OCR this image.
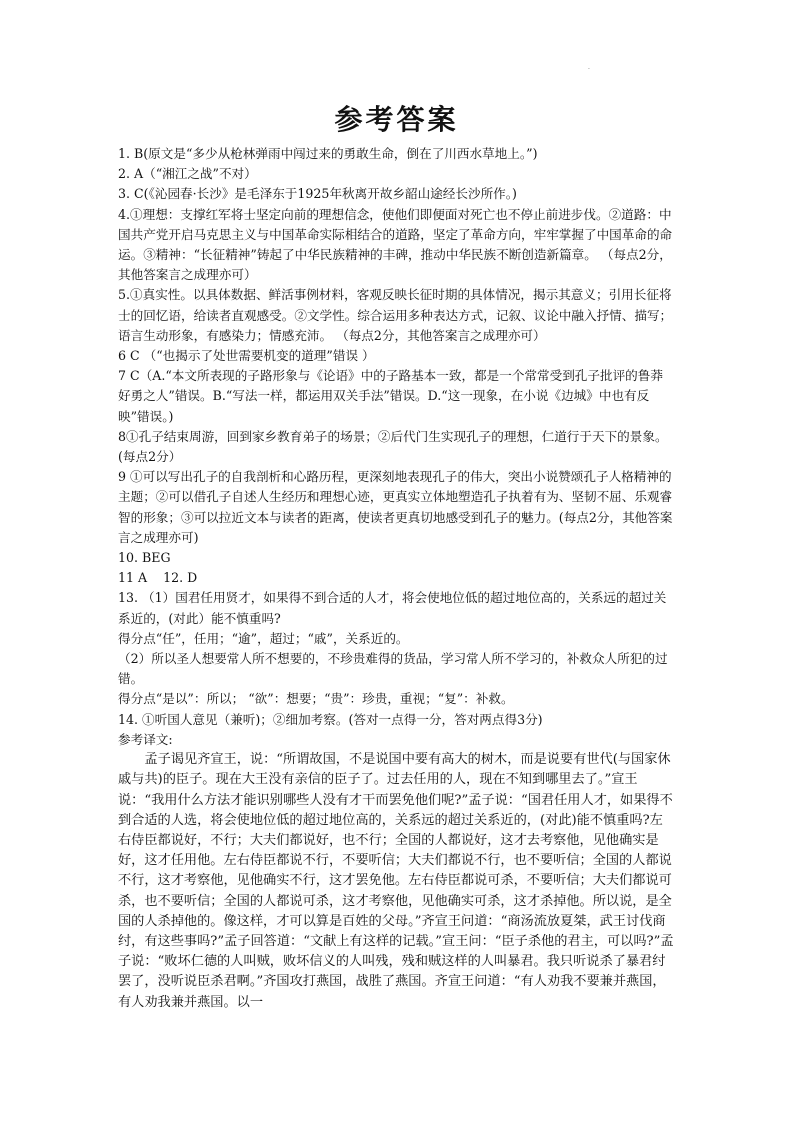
.
参考答案

1. B(原文是“多少从枪林弹雨中闯过来的勇敢生命，倒在了川西水草地上。”)

2. A（“湘江之战”不对）

3. C(《沁园春·长沙》是毛泽东于1925年秋离开故乡韶山途经长沙所作。)

4.①理想：支撑红军将士坚定向前的理想信念，使他们即便面对死亡也不停止前进步伐。②道路：中国共产党开启马克思主义与中国革命实际相结合的道路，坚定了革命方向，牢牢掌握了中国革命的命运。③精神：“长征精神”铸起了中华民族精神的丰碑，推动中华民族不断创造新篇章。 （每点2分，其他答案言之成理亦可）

5.①真实性。以具体数据、鲜活事例材料，客观反映长征时期的具体情况，揭示其意义；引用长征将士的回忆语，给读者直观感受。②文学性。综合运用多种表达方式，记叙、议论中融入抒情、描写；语言生动形象，有感染力；情感充沛。 （每点2分，其他答案言之成理亦可）

6 C （“也揭示了处世需要机变的道理”错误 ）

7 C（A.“本文所表现的子路形象与《论语》中的子路基本一致，都是一个常常受到孔子批评的鲁莽好勇之人”错误。B.“写法一样，都运用双关手法”错误。D.“这一现象，在小说《边城》中也有反映”错误。)

8①孔子结束周游，回到家乡教育弟子的场景；②后代门生实现孔子的理想，仁道行于天下的景象。(每点2分）

9 ①可以写出孔子的自我剖析和心路历程，更深刻地表现孔子的伟大，突出小说赞颂孔子人格精神的主题；②可以借孔子自述人生经历和理想心迹，更真实立体地塑造孔子执着有为、坚韧不屈、乐观睿智的形象；③可以拉近文本与读者的距离，使读者更真切地感受到孔子的魅力。(每点2分，其他答案言之成理亦可)

10. BEG

11 A    12. D

13. （1）国君任用贤才，如果得不到合适的人才，将会使地位低的超过地位高的，关系远的超过关系近的，(对此）能不慎重吗?

得分点“任”，任用；“逾”，超过；“戚”，关系近的。

（2）所以圣人想要常人所不想要的，不珍贵难得的货品，学习常人所不学习的，补救众人所犯的过错。

得分点“是以”：所以； “欲”：想要；“贵”：珍贵，重视；“复”：补救。

14. ①听国人意见（兼听)；②细加考察。(答对一点得一分，答对两点得3分)

参考译文:

孟子谒见齐宣王，说：“所谓故国，不是说国中要有高大的树木，而是说要有世代(与国家休戚与共)的臣子。现在大王没有亲信的臣子了。过去任用的人，现在不知到哪里去了。”宣王说：“我用什么方法才能识别哪些人没有才干而罢免他们呢?”孟子说：“国君任用人才，如果得不到合适的人选，将会使地位低的超过地位高的，关系远的超过关系近的，(对此)能不慎重吗?左右侍臣都说好，不行；大夫们都说好，也不行；全国的人都说好，这才去考察他，见他确实是好，这才任用他。左右侍臣都说不行，不要听信；大夫们都说不行，也不要听信；全国的人都说不行，这才考察他，见他确实不行，这才罢免他。左右侍臣都说可杀，不要听信；大夫们都说可杀，也不要听信；全国的人都说可杀，这才考察他，见他确实可杀，这才杀掉他。所以说，是全国的人杀掉他的。像这样，才可以算是百姓的父母。”齐宣王问道：“商汤流放夏桀，武王讨伐商纣，有这些事吗?”孟子回答道：“文献上有这样的记载。”宣王问：“臣子杀他的君主，可以吗?”孟子说：“败坏仁德的人叫贼，败坏信义的人叫残，残和贼这样的人叫暴君。我只听说杀了暴君纣罢了，没听说臣杀君啊。”齐国攻打燕国，战胜了燕国。齐宣王问道：“有人劝我不要兼并燕国，有人劝我兼并燕国。以一
